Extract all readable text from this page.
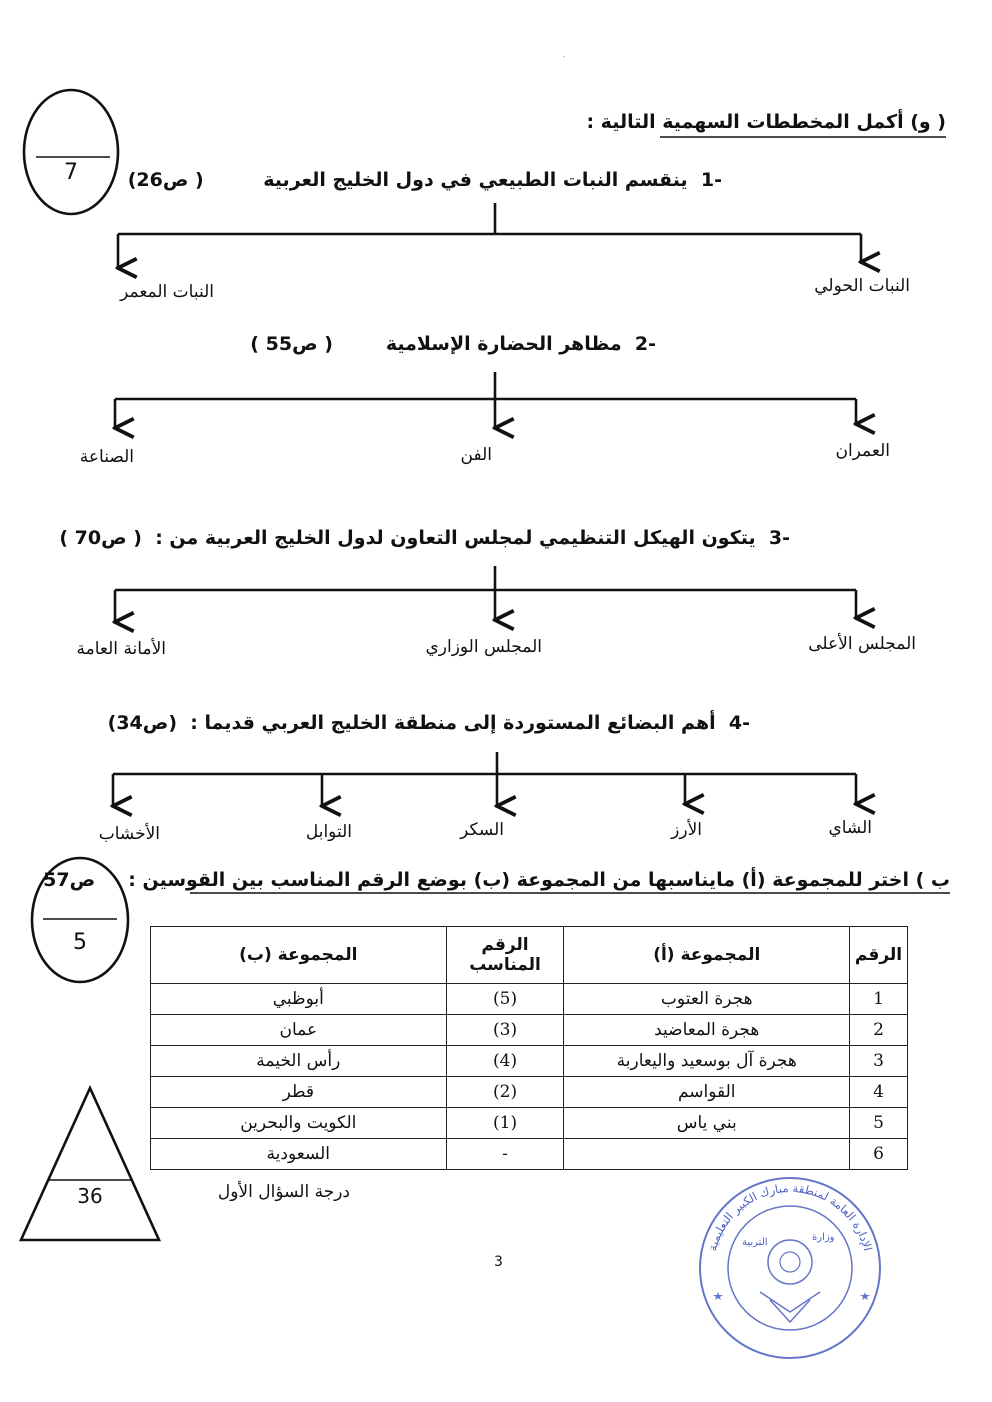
٠
( و) أكمل المخططات السهمية التالية :
7	-1  ينقسم النبات الطبيعي في دول الخليج العربية         ( ص26)
النبات الحولي
النبات المعمر
-2  مظاهر الحضارة الإسلامية        ( ص55 )
العمران
الفن
الصناعة
-3  يتكون الهيكل التنظيمي لمجلس التعاون لدول الخليج العربية من :  ( ص70 )
المجلس الأعلى
المجلس الوزاري
الأمانة العامة
-4  أهم البضائع المستوردة إلى منطقة الخليج العربي قديما :  (ص34)
الشاي
الأرز
السكر
التوابل
الأخشاب
ب ) اختر للمجموعة (أ) مايناسبها من المجموعة (ب) بوضع الرقم المناسب بين القوسين :     ص57
5	الرقم	المجموعة (أ)	الرقم المناسب	المجموعة (ب)
1	هجرة العتوب	(5)	أبوظبي
2	هجرة المعاضيد	(3)	عمان
3	هجرة آل بوسعيد واليعاربة	(4)	رأس الخيمة
4	القواسم	(2)	قطر
5	بني ياس	(1)	الكويت والبحرين
6		-	السعودية
36	درجة السؤال الأول
3
الإدارة العامة لمنطقة مبارك الكبير التعليمية
التربية	وزارة
